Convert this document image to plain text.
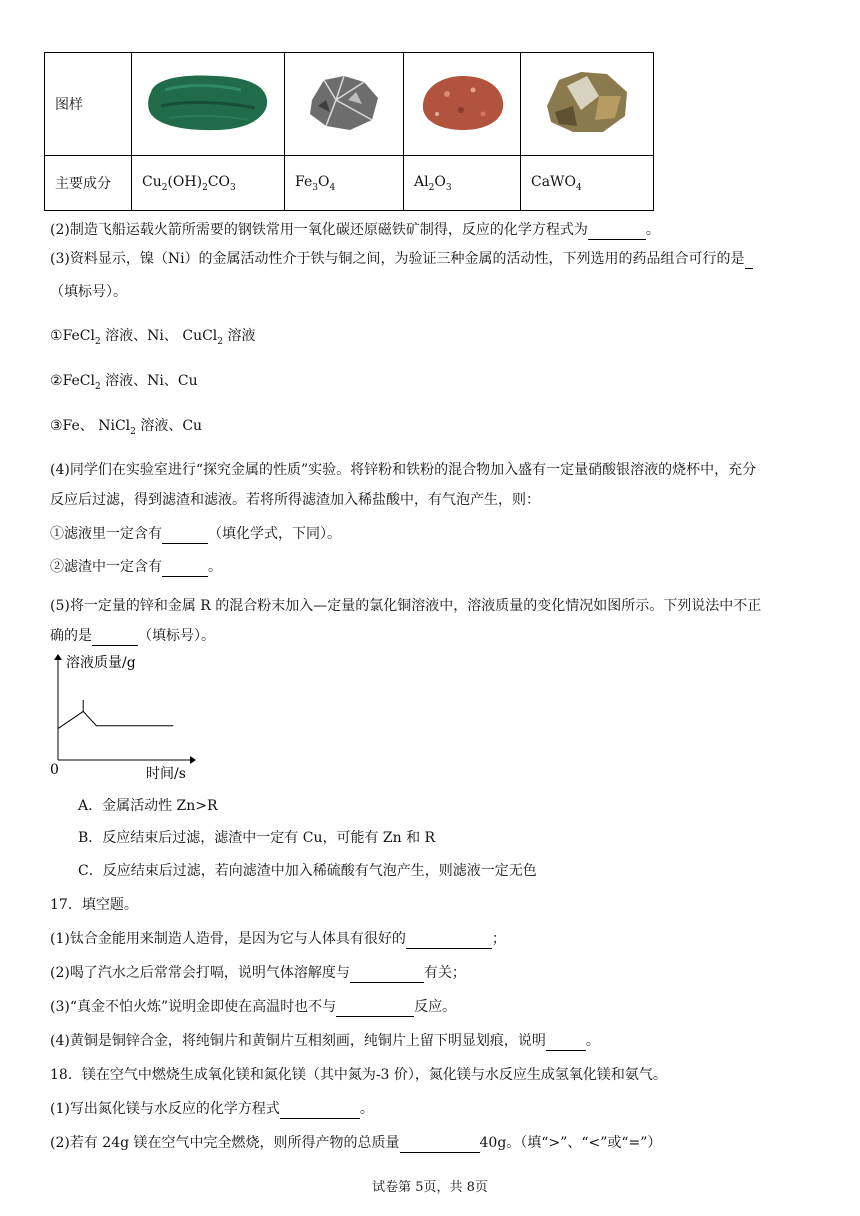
图样				
主要成分	$Cu_2(OH)_2CO_3$	$Fe_3O_4$	$Al_2O_3$	CaWO$_4$
(2)制造飞船运载火箭所需要的钢铁常用一氧化碳还原磁铁矿制得，反应的化学方程式为	。
(3)资料显示，镍（Ni）的金属活动性介于铁与铜之间，为验证三种金属的活动性，下列选用的药品组合可行的是
（填标号）。
①FeCl$_2$ 溶液、Ni、 CuCl$_2$ 溶液
②FeCl$_2$ 溶液、Ni、Cu
③Fe、 NiCl$_2$ 溶液、Cu
(4)同学们在实验室进行“探究金属的性质”实验。将锌粉和铁粉的混合物加入盛有一定量硝酸银溶液的烧杯中，充分
反应后过滤，得到滤渣和滤液。若将所得滤渣加入稀盐酸中，有气泡产生，则：
①滤液里一定含有	（填化学式，下同）。
②滤渣中一定含有	。
(5)将一定量的锌和金属 R 的混合粉末加入—定量的氯化铜溶液中，溶液质量的变化情况如图所示。下列说法中不正
确的是	（填标号）。
溶液质量/g
时间/s
0
A．金属活动性 Zn>R
B．反应结束后过滤，滤渣中一定有 Cu，可能有 Zn 和 R
C．反应结束后过滤，若向滤渣中加入稀硫酸有气泡产生，则滤液一定无色
17．填空题。
(1)钛合金能用来制造人造骨，是因为它与人体具有很好的	；
(2)喝了汽水之后常常会打嗝，说明气体溶解度与	有关；
(3)“真金不怕火炼”说明金即使在高温时也不与	反应。
(4)黄铜是铜锌合金，将纯铜片和黄铜片互相刻画，纯铜片上留下明显划痕，说明	。
18．镁在空气中燃烧生成氧化镁和氮化镁（其中氮为-3 价），氮化镁与水反应生成氢氧化镁和氨气。
(1)写出氮化镁与水反应的化学方程式	。
(2)若有 24g 镁在空气中完全燃烧，则所得产物的总质量	40g。（填“>”、“<”或“=”）
试卷第 5页，共 8页
